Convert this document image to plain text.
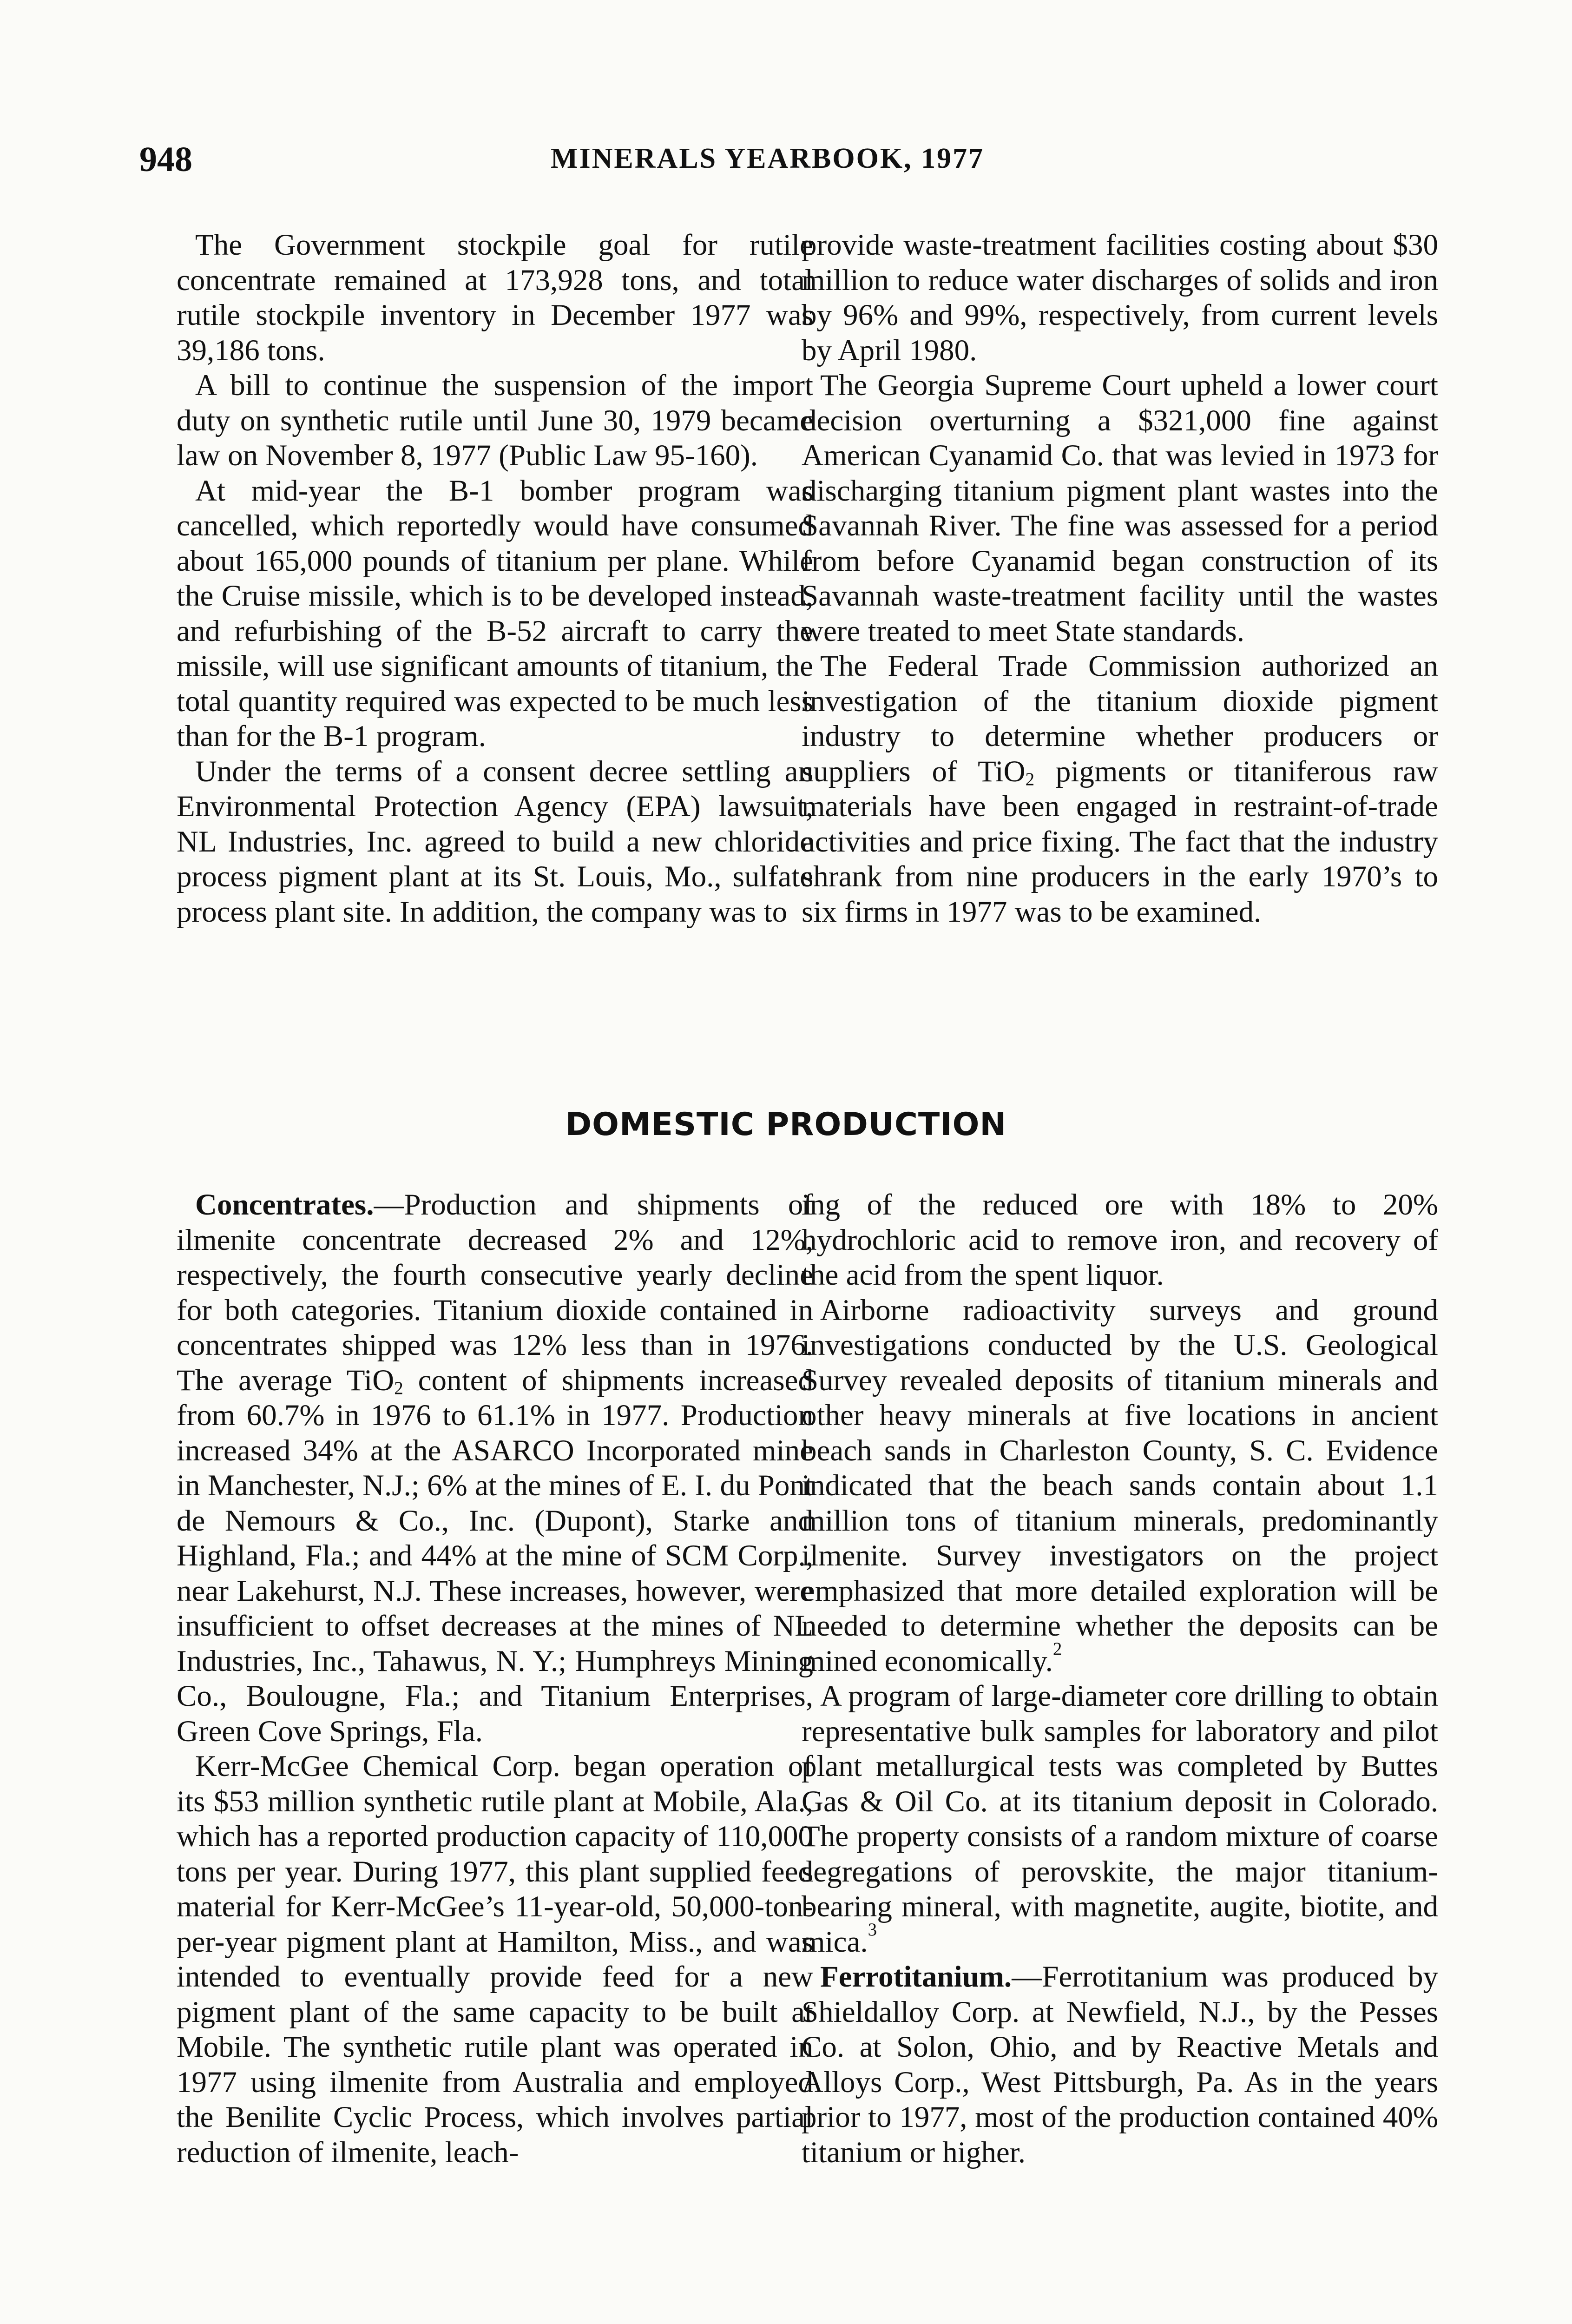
948	MINERALS YEARBOOK, 1977

The Government stockpile goal for rutile concentrate remained at 173,928 tons, and total rutile stockpile inventory in December 1977 was 39,186 tons.

A bill to continue the suspension of the import duty on synthetic rutile until June 30, 1979 became law on November 8, 1977 (Public Law 95-160).

At mid-year the B-1 bomber program was cancelled, which reportedly would have consumed about 165,000 pounds of titanium per plane. While the Cruise missile, which is to be developed instead, and refurbishing of the B-52 aircraft to carry the missile, will use significant amounts of titanium, the total quantity required was expected to be much less than for the B-1 program.

Under the terms of a consent decree settling an Environmental Protection Agency (EPA) lawsuit, NL Industries, Inc. agreed to build a new chloride process pigment plant at its St. Louis, Mo., sulfate process plant site. In addition, the company was to

provide waste-treatment facilities costing about $30 million to reduce water discharges of solids and iron by 96% and 99%, respectively, from current levels by April 1980.

The Georgia Supreme Court upheld a lower court decision overturning a $321,000 fine against American Cyanamid Co. that was levied in 1973 for discharging titanium pigment plant wastes into the Savannah River. The fine was assessed for a period from before Cyanamid began construction of its Savannah waste-treatment facility until the wastes were treated to meet State standards.

The Federal Trade Commission authorized an investigation of the titanium dioxide pigment industry to determine whether producers or suppliers of TiO$_2$ pigments or titaniferous raw materials have been engaged in restraint-of-trade activities and price fixing. The fact that the industry shrank from nine producers in the early 1970’s to six firms in 1977 was to be examined.

DOMESTIC PRODUCTION

Concentrates.—Production and shipments of ilmenite concentrate decreased 2% and 12%, respectively, the fourth consecutive yearly decline for both categories. Titanium dioxide contained in concentrates shipped was 12% less than in 1976. The average TiO$_2$ content of shipments increased from 60.7% in 1976 to 61.1% in 1977. Production increased 34% at the ASARCO Incorporated mine in Manchester, N.J.; 6% at the mines of E. I. du Pont de Nemours & Co., Inc. (Dupont), Starke and Highland, Fla.; and 44% at the mine of SCM Corp., near Lakehurst, N.J. These increases, however, were insufficient to offset decreases at the mines of NL Industries, Inc., Tahawus, N. Y.; Humphreys Mining Co., Boulougne, Fla.; and Titanium Enterprises, Green Cove Springs, Fla.

Kerr-McGee Chemical Corp. began operation of its $53 million synthetic rutile plant at Mobile, Ala., which has a reported production capacity of 110,000 tons per year. During 1977, this plant supplied feed material for Kerr-McGee’s 11-year-old, 50,000-ton-per-year pigment plant at Hamilton, Miss., and was intended to eventually provide feed for a new pigment plant of the same capacity to be built at Mobile. The synthetic rutile plant was operated in 1977 using ilmenite from Australia and employed the Benilite Cyclic Process, which involves partial reduction of ilmenite, leach-

ing of the reduced ore with 18% to 20% hydrochloric acid to remove iron, and recovery of the acid from the spent liquor.

Airborne radioactivity surveys and ground investigations conducted by the U.S. Geological Survey revealed deposits of titanium minerals and other heavy minerals at five locations in ancient beach sands in Charleston County, S. C. Evidence indicated that the beach sands contain about 1.1 million tons of titanium minerals, predominantly ilmenite. Survey investigators on the project emphasized that more detailed exploration will be needed to determine whether the deposits can be mined economically.$^2$

A program of large-diameter core drilling to obtain representative bulk samples for laboratory and pilot plant metallurgical tests was completed by Buttes Gas & Oil Co. at its titanium deposit in Colorado. The property consists of a random mixture of coarse segregations of perovskite, the major titanium-bearing mineral, with magnetite, augite, biotite, and mica.$^3$

Ferrotitanium.—Ferrotitanium was produced by Shieldalloy Corp. at Newfield, N.J., by the Pesses Co. at Solon, Ohio, and by Reactive Metals and Alloys Corp., West Pittsburgh, Pa. As in the years prior to 1977, most of the production contained 40% titanium or higher.
